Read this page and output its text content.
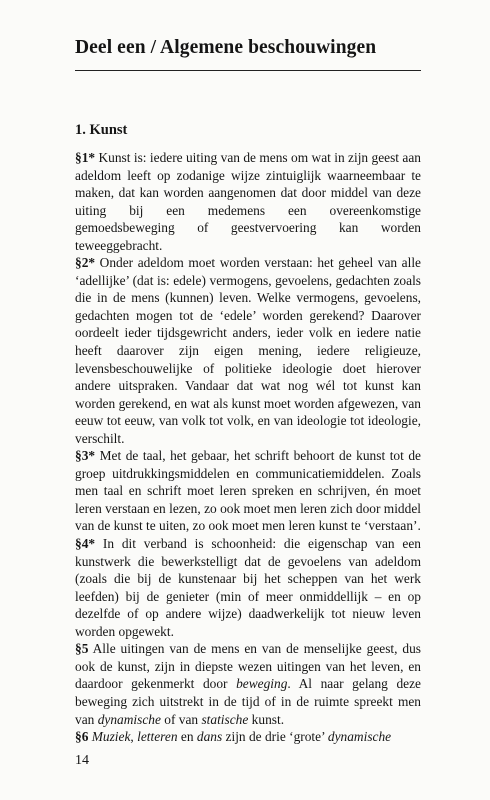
Deel een / Algemene beschouwingen
1. Kunst

§1* Kunst is: iedere uiting van de mens om wat in zijn geest aan adeldom leeft op zodanige wijze zintuiglijk waarneembaar te maken, dat kan worden aangenomen dat door middel van deze uiting bij een medemens een overeenkomstige gemoedsbeweging of geestvervoering kan worden teweeggebracht.

§2* Onder adeldom moet worden verstaan: het geheel van alle ‘adellijke’ (dat is: edele) vermogens, gevoelens, gedachten zoals die in de mens (kunnen) leven. Welke vermogens, gevoelens, gedachten mogen tot de ‘edele’ worden gerekend? Daarover oordeelt ieder tijdsgewricht anders, ieder volk en iedere natie heeft daarover zijn eigen mening, iedere religieuze, levensbeschouwelijke of politieke ideologie doet hierover andere uitspraken. Vandaar dat wat nog wél tot kunst kan worden gerekend, en wat als kunst moet worden afgewezen, van eeuw tot eeuw, van volk tot volk, en van ideologie tot ideologie, verschilt.

§3* Met de taal, het gebaar, het schrift behoort de kunst tot de groep uitdrukkingsmiddelen en communicatiemiddelen. Zoals men taal en schrift moet leren spreken en schrijven, én moet leren verstaan en lezen, zo ook moet men leren zich door middel van de kunst te uiten, zo ook moet men leren kunst te ‘verstaan’.

§4* In dit verband is schoonheid: die eigenschap van een kunstwerk die bewerkstelligt dat de gevoelens van adeldom (zoals die bij de kunstenaar bij het scheppen van het werk leefden) bij de genieter (min of meer onmiddellijk – en op dezelfde of op andere wijze) daadwerkelijk tot nieuw leven worden opgewekt.

§5 Alle uitingen van de mens en van de menselijke geest, dus ook de kunst, zijn in diepste wezen uitingen van het leven, en daardoor gekenmerkt door beweging. Al naar gelang deze beweging zich uitstrekt in de tijd of in de ruimte spreekt men van dynamische of van statische kunst.

§6 Muziek, letteren en dans zijn de drie ‘grote’ dynamische

14
